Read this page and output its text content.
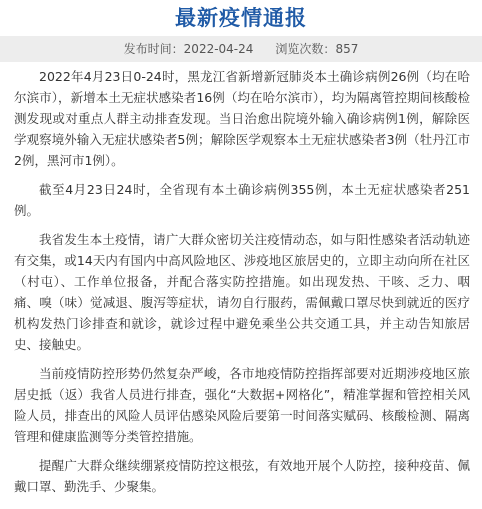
最新疫情通报
发布时间：2022-04-24 浏览次数：857

2022年4月23日0-24时，黑龙江省新增新冠肺炎本土确诊病例26例（均在哈尔滨市），新增本土无症状感染者16例（均在哈尔滨市），均为隔离管控期间核酸检测发现或对重点人群主动排查发现。当日治愈出院境外输入确诊病例1例，解除医学观察境外输入无症状感染者5例；解除医学观察本土无症状感染者3例（牡丹江市2例，黑河市1例）。

截至4月23日24时，全省现有本土确诊病例355例，本土无症状感染者251例。

我省发生本土疫情，请广大群众密切关注疫情动态，如与阳性感染者活动轨迹有交集，或14天内有国内中高风险地区、涉疫地区旅居史的，立即主动向所在社区（村屯）、工作单位报备，并配合落实防控措施。如出现发热、干咳、乏力、咽痛、嗅（味）觉减退、腹泻等症状，请勿自行服药，需佩戴口罩尽快到就近的医疗机构发热门诊排查和就诊，就诊过程中避免乘坐公共交通工具，并主动告知旅居史、接触史。

当前疫情防控形势仍然复杂严峻，各市地疫情防控指挥部要对近期涉疫地区旅居史抵（返）我省人员进行排查，强化“大数据+网格化”，精准掌握和管控相关风险人员，排查出的风险人员评估感染风险后要第一时间落实赋码、核酸检测、隔离管理和健康监测等分类管控措施。

提醒广大群众继续绷紧疫情防控这根弦，有效地开展个人防控，接种疫苗、佩戴口罩、勤洗手、少聚集。
